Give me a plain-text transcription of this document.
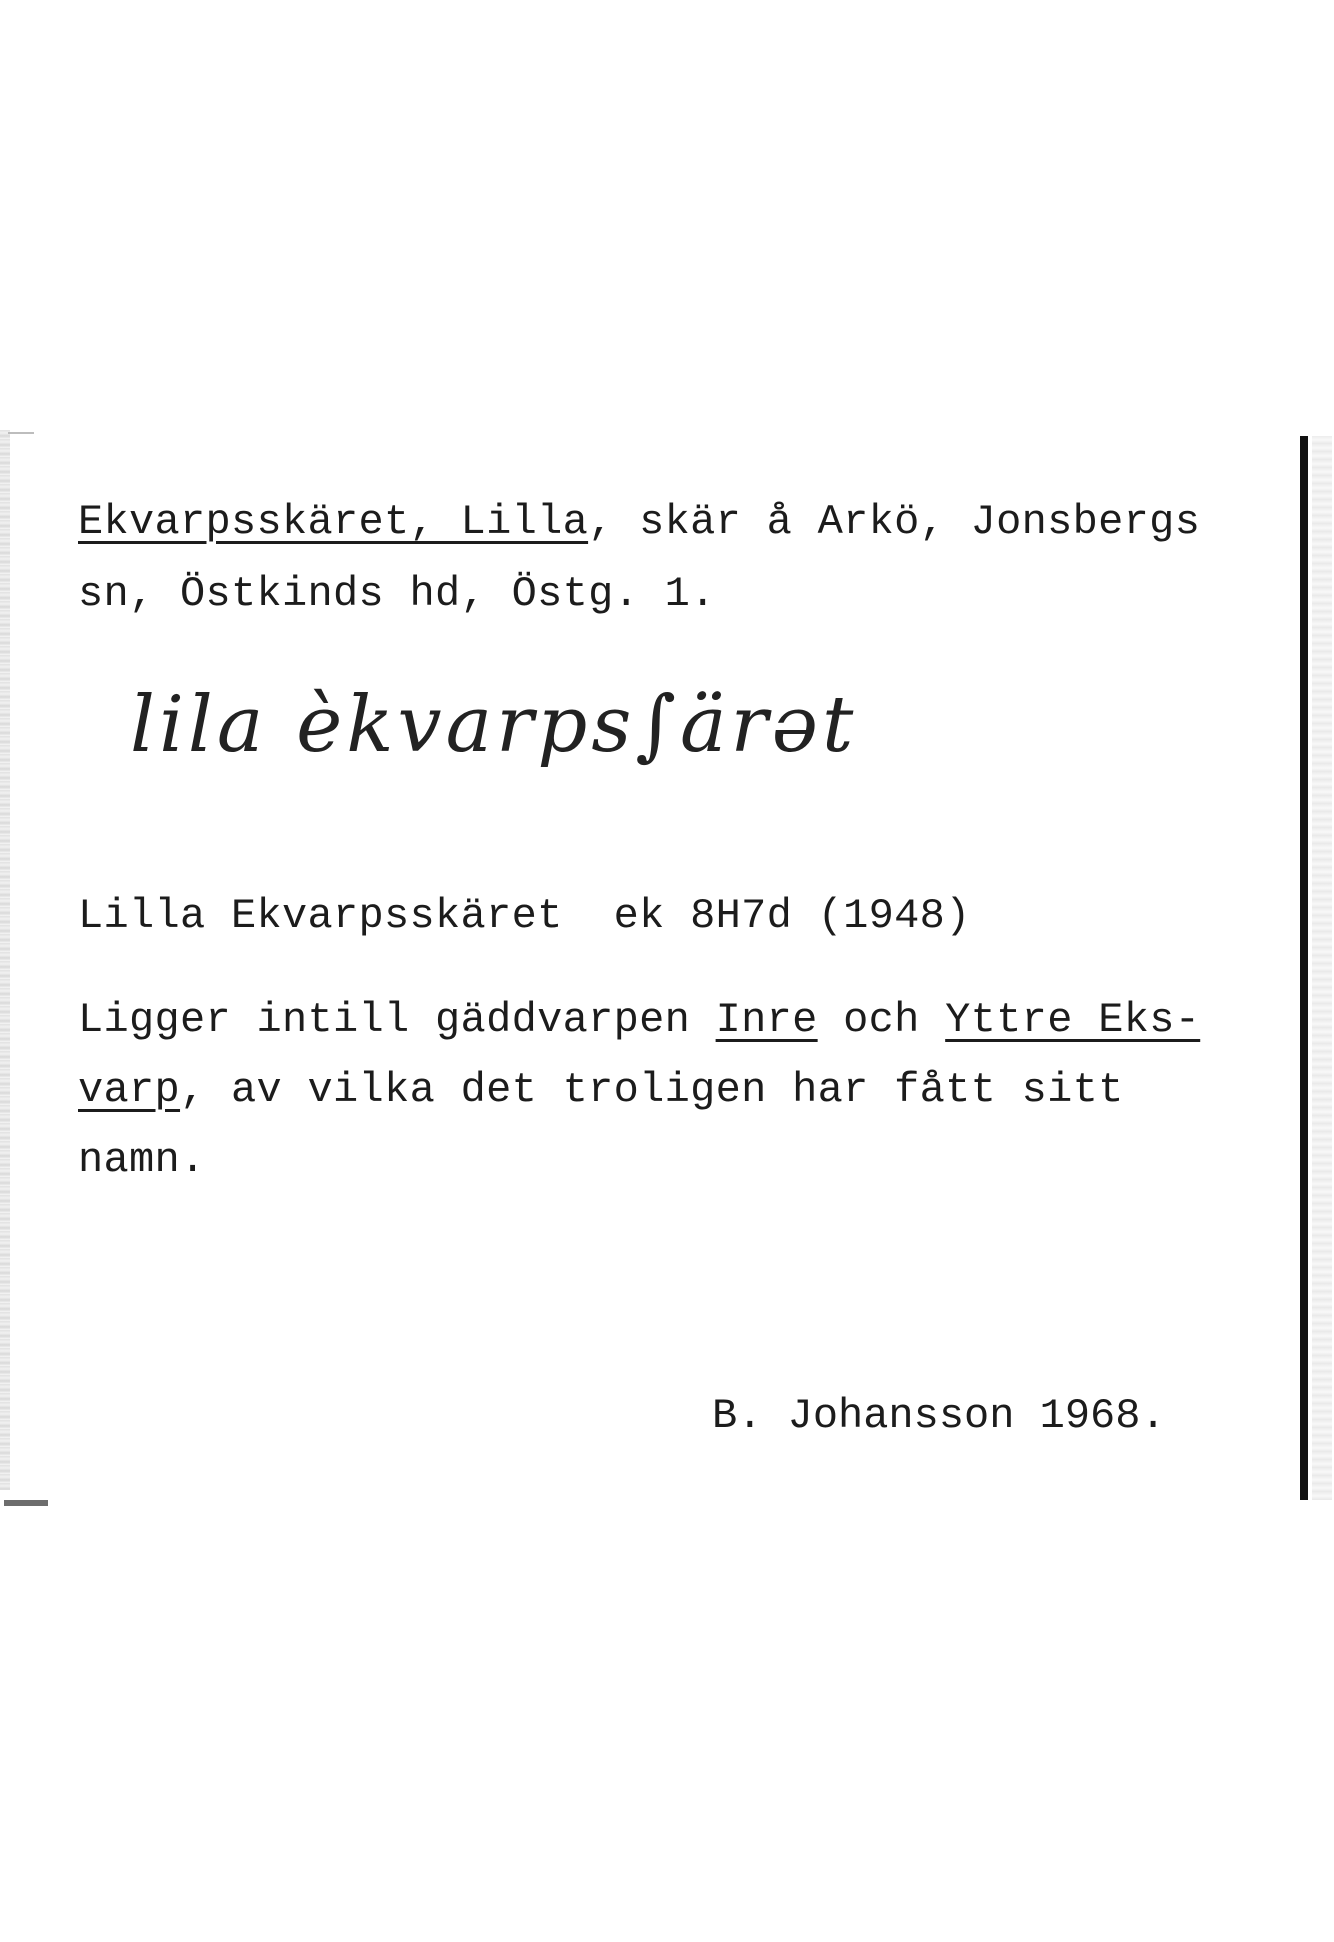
Ekvarpsskäret, Lilla, skär å Arkö, Jonsbergs
sn, Östkinds hd, Östg. 1.
lila èkvarps∫ärət
Lilla Ekvarpsskäret  ek 8H7d (1948)
Ligger intill gäddvarpen Inre och Yttre Eks-
varp, av vilka det troligen har fått sitt
namn.
B. Johansson 1968.
